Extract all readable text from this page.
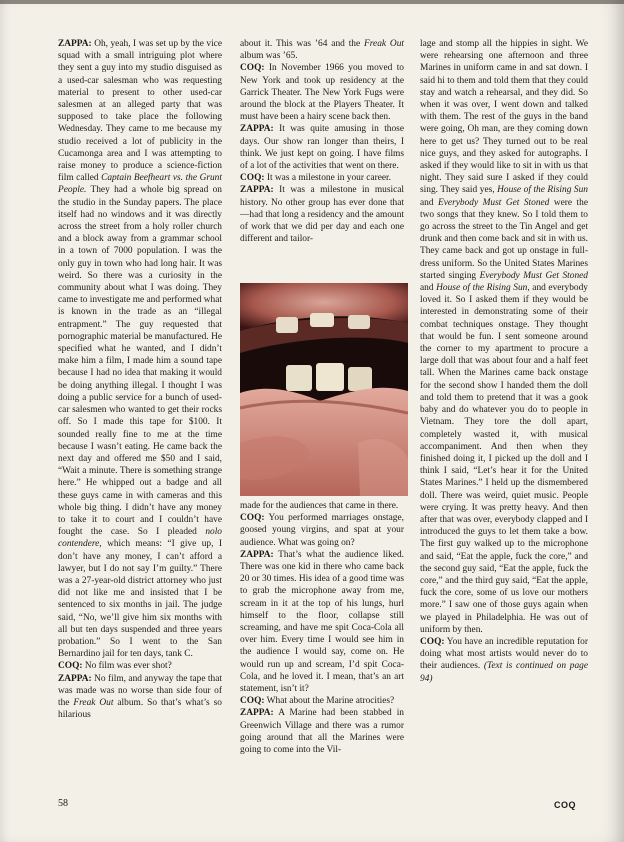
ZAPPA: Oh, yeah, I was set up by the vice squad with a small intriguing plot where they sent a guy into my studio disguised as a used-car salesman who was requesting material to present to other used-car salesmen at an alleged party that was supposed to take place the following Wednesday. They came to me because my studio received a lot of publicity in the Cucamonga area and I was attempting to raise money to produce a science-fiction film called Captain Beefheart vs. the Grunt People. They had a whole big spread on the studio in the Sunday papers. The place itself had no windows and it was directly across the street from a holy roller church and a block away from a grammar school in a town of 7000 population. I was the only guy in town who had long hair. It was weird. So there was a curiosity in the community about what I was doing. They came to investigate me and performed what is known in the trade as an “illegal entrapment.” The guy requested that pornographic material be manufactured. He specified what he wanted, and I didn’t make him a film, I made him a sound tape because I had no idea that making it would be doing anything illegal. I thought I was doing a public service for a bunch of used-car salesmen who wanted to get their rocks off. So I made this tape for $100. It sounded really fine to me at the time because I wasn’t eating. He came back the next day and offered me $50 and I said, “Wait a minute. There is something strange here.” He whipped out a badge and all these guys came in with cameras and this whole big thing. I didn’t have any money to take it to court and I couldn’t have fought the case. So I pleaded nolo contendere, which means: “I give up, I don’t have any money, I can’t afford a lawyer, but I do not say I’m guilty.” There was a 27-year-old district attorney who just did not like me and insisted that I be sentenced to six months in jail. The judge said, “No, we’ll give him six months with all but ten days suspended and three years probation.” So I went to the San Bernardino jail for ten days, tank C.

COQ: No film was ever shot?

ZAPPA: No film, and anyway the tape that was made was no worse than side four of the Freak Out album. So that’s what’s so hilarious

about it. This was ’64 and the Freak Out album was ’65.

COQ: In November 1966 you moved to New York and took up residency at the Garrick Theater. The New York Fugs were around the block at the Players Theater. It must have been a hairy scene back then.

ZAPPA: It was quite amusing in those days. Our show ran longer than theirs, I think. We just kept on going. I have films of a lot of the activities that went on there.

COQ: It was a milestone in your career.

ZAPPA: It was a milestone in musical history. No other group has ever done that—had that long a residency and the amount of work that we did per day and each one different and tailor-

made for the audiences that came in there.

COQ: You performed marriages onstage, goosed young virgins, and spat at your audience. What was going on?

ZAPPA: That’s what the audience liked. There was one kid in there who came back 20 or 30 times. His idea of a good time was to grab the microphone away from me, scream in it at the top of his lungs, hurl himself to the floor, collapse still screaming, and have me spit Coca-Cola all over him. Every time I would see him in the audience I would say, come on. He would run up and scream, I’d spit Coca-Cola, and he loved it. I mean, that’s an art statement, isn’t it?

COQ: What about the Marine atrocities?

ZAPPA: A Marine had been stabbed in Greenwich Village and there was a rumor going around that all the Marines were going to come into the Vil-

lage and stomp all the hippies in sight. We were rehearsing one afternoon and three Marines in uniform came in and sat down. I said hi to them and told them that they could stay and watch a rehearsal, and they did. So when it was over, I went down and talked with them. The rest of the guys in the band were going, Oh man, are they coming down here to get us? They turned out to be real nice guys, and they asked for autographs. I asked if they would like to sit in with us that night. They said sure I asked if they could sing. They said yes, House of the Rising Sun and Everybody Must Get Stoned were the two songs that they knew. So I told them to go across the street to the Tin Angel and get drunk and then come back and sit in with us. They came back and got up onstage in full-dress uniform. So the United States Marines started singing Everybody Must Get Stoned and House of the Rising Sun, and everybody loved it. So I asked them if they would be interested in demonstrating some of their combat techniques onstage. They thought that would be fun. I sent someone around the corner to my apartment to procure a large doll that was about four and a half feet tall. When the Marines came back onstage for the second show I handed them the doll and told them to pretend that it was a gook baby and do whatever you do to people in Vietnam. They tore the doll apart, completely wasted it, with musical accompaniment. And then when they finished doing it, I picked up the doll and I think I said, “Let’s hear it for the United States Marines.” I held up the dismembered doll. There was weird, quiet music. People were crying. It was pretty heavy. And then after that was over, everybody clapped and I introduced the guys to let them take a bow. The first guy walked up to the microphone and said, “Eat the apple, fuck the core,” and the second guy said, “Eat the apple, fuck the core,” and the third guy said, “Eat the apple, fuck the core, some of us love our mothers more.” I saw one of those guys again when we played in Philadelphia. He was out of uniform by then.

COQ: You have an incredible reputation for doing what most artists would never do to their audiences. (Text is continued on page 94)

58	COQ
